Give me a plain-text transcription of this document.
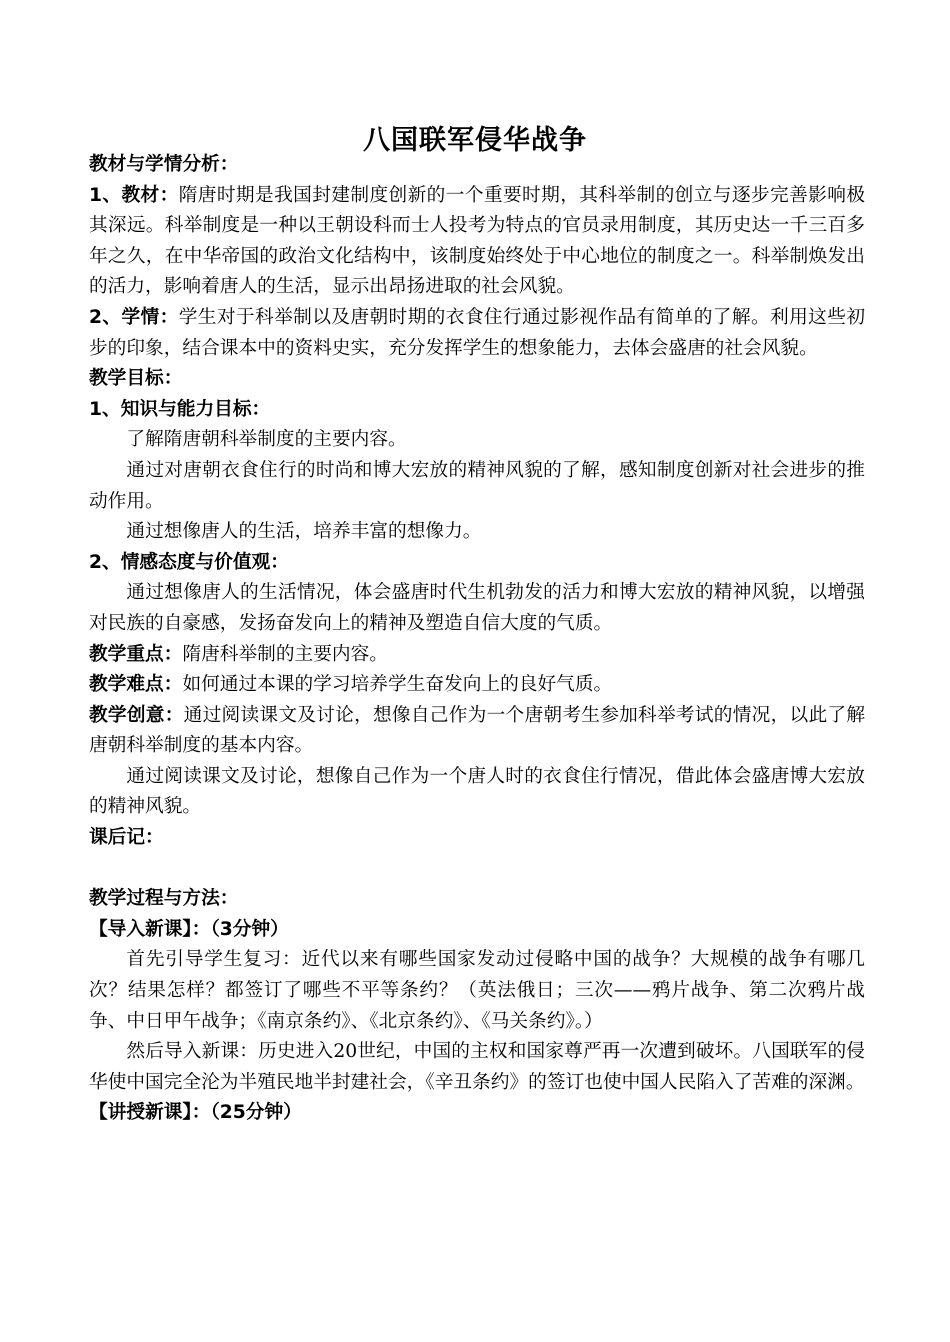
八国联军侵华战争

教材与学情分析：

1、教材：隋唐时期是我国封建制度创新的一个重要时期，其科举制的创立与逐步完善影响极其深远。科举制度是一种以王朝设科而士人投考为特点的官员录用制度，其历史达一千三百多年之久，在中华帝国的政治文化结构中，该制度始终处于中心地位的制度之一。科举制焕发出的活力，影响着唐人的生活，显示出昂扬进取的社会风貌。

2、学情：学生对于科举制以及唐朝时期的衣食住行通过影视作品有简单的了解。利用这些初步的印象，结合课本中的资料史实，充分发挥学生的想象能力，去体会盛唐的社会风貌。

教学目标：

1、知识与能力目标：

了解隋唐朝科举制度的主要内容。

通过对唐朝衣食住行的时尚和博大宏放的精神风貌的了解，感知制度创新对社会进步的推动作用。

通过想像唐人的生活，培养丰富的想像力。

2、情感态度与价值观：

通过想像唐人的生活情况，体会盛唐时代生机勃发的活力和博大宏放的精神风貌，以增强对民族的自豪感，发扬奋发向上的精神及塑造自信大度的气质。

教学重点：隋唐科举制的主要内容。

教学难点：如何通过本课的学习培养学生奋发向上的良好气质。

教学创意：通过阅读课文及讨论，想像自己作为一个唐朝考生参加科举考试的情况，以此了解唐朝科举制度的基本内容。

通过阅读课文及讨论，想像自己作为一个唐人时的衣食住行情况，借此体会盛唐博大宏放的精神风貌。

课后记：

教学过程与方法：

【导入新课】：（3分钟）

首先引导学生复习：近代以来有哪些国家发动过侵略中国的战争？大规模的战争有哪几次？结果怎样？都签订了哪些不平等条约？（英法俄日；三次——鸦片战争、第二次鸦片战争、中日甲午战争；《南京条约》、《北京条约》、《马关条约》。）

然后导入新课：历史进入20世纪，中国的主权和国家尊严再一次遭到破坏。八国联军的侵华使中国完全沦为半殖民地半封建社会，《辛丑条约》的签订也使中国人民陷入了苦难的深渊。

【讲授新课】：（25分钟）
